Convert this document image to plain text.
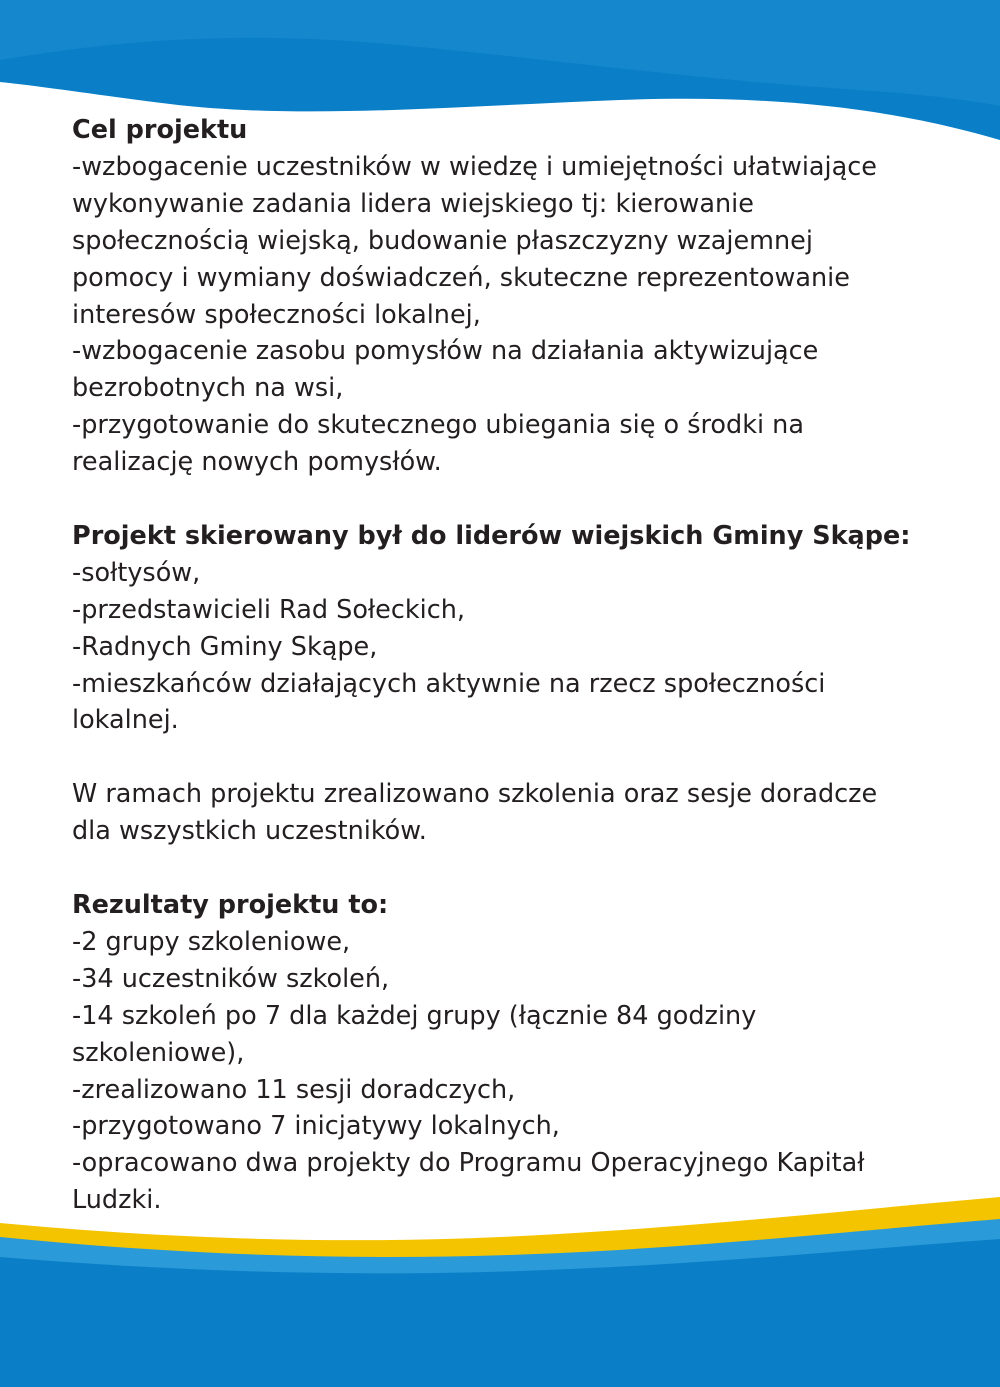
Cel projektu
-wzbogacenie uczestników w wiedzę i umiejętności ułatwiające
wykonywanie zadania lidera wiejskiego tj: kierowanie
społecznością wiejską, budowanie płaszczyzny wzajemnej
pomocy i wymiany doświadczeń, skuteczne reprezentowanie
interesów społeczności lokalnej,
-wzbogacenie zasobu pomysłów na działania aktywizujące
bezrobotnych na wsi,
-przygotowanie do skutecznego ubiegania się o środki na
realizację nowych pomysłów.
Projekt skierowany był do liderów wiejskich Gminy Skąpe:
-sołtysów,
-przedstawicieli Rad Sołeckich,
-Radnych Gminy Skąpe,
-mieszkańców działających aktywnie na rzecz społeczności
lokalnej.
W ramach projektu zrealizowano szkolenia oraz sesje doradcze
dla wszystkich uczestników.
Rezultaty projektu to:
-2 grupy szkoleniowe,
-34 uczestników szkoleń,
-14 szkoleń po 7 dla każdej grupy (łącznie 84 godziny
szkoleniowe),
-zrealizowano 11 sesji doradczych,
-przygotowano 7 inicjatywy lokalnych,
-opracowano dwa projekty do Programu Operacyjnego Kapitał
Ludzki.
